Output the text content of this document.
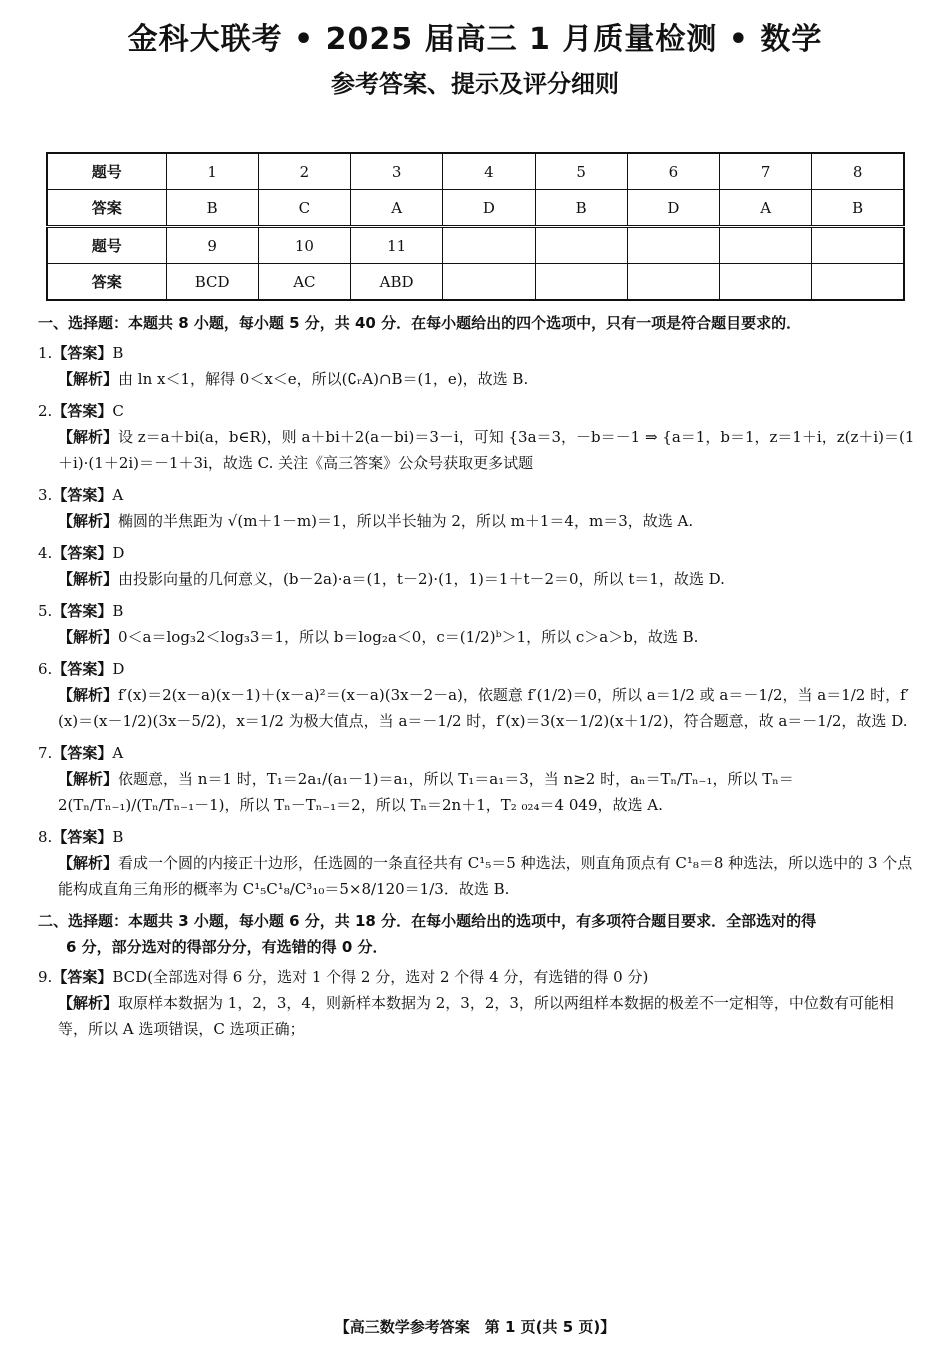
金科大联考 • 2025 届高三 1 月质量检测 • 数学
参考答案、提示及评分细则
题号	1	2	3	4	5	6	7	8
答案	B	C	A	D	B	D	A	B
题号	9	10	11					
答案	BCD	AC	ABD					
一、选择题：本题共 8 小题，每小题 5 分，共 40 分．在每小题给出的四个选项中，只有一项是符合题目要求的．
1.【答案】B
【解析】由 ln x＜1，解得 0＜x＜e，所以(∁ᵣA)∩B＝(1，e)，故选 B.
2.【答案】C
【解析】设 z＝a＋bi(a，b∈R)，则 a＋bi＋2(a－bi)＝3－i，可知 {3a＝3，－b＝－1 ⇒ {a＝1，b＝1，z＝1＋i，z(z＋i)＝(1＋i)·(1＋2i)＝－1＋3i，故选 C. 关注《高三答案》公众号获取更多试题
3.【答案】A
【解析】椭圆的半焦距为 √(m＋1－m)＝1，所以半长轴为 2，所以 m＋1＝4，m＝3，故选 A.
4.【答案】D
【解析】由投影向量的几何意义，(b－2a)·a＝(1，t－2)·(1，1)＝1＋t－2＝0，所以 t＝1，故选 D.
5.【答案】B
【解析】0＜a＝log₃2＜log₃3＝1，所以 b＝log₂a＜0，c＝(1/2)ᵇ＞1，所以 c＞a＞b，故选 B.
6.【答案】D
【解析】f′(x)＝2(x－a)(x－1)＋(x－a)²＝(x－a)(3x－2－a)，依题意 f′(1/2)＝0，所以 a＝1/2 或 a＝－1/2，当 a＝1/2 时，f′(x)＝(x－1/2)(3x－5/2)，x＝1/2 为极大值点，当 a＝－1/2 时，f′(x)＝3(x－1/2)(x＋1/2)，符合题意，故 a＝－1/2，故选 D.
7.【答案】A
【解析】依题意，当 n＝1 时，T₁＝2a₁/(a₁－1)＝a₁，所以 T₁＝a₁＝3，当 n≥2 时，aₙ＝Tₙ/Tₙ₋₁，所以 Tₙ＝2(Tₙ/Tₙ₋₁)/(Tₙ/Tₙ₋₁－1)，所以 Tₙ－Tₙ₋₁＝2，所以 Tₙ＝2n＋1，T₂ ₀₂₄＝4 049，故选 A.
8.【答案】B
【解析】看成一个圆的内接正十边形，任选圆的一条直径共有 C¹₅＝5 种选法，则直角顶点有 C¹₈＝8 种选法，所以选中的 3 个点能构成直角三角形的概率为 C¹₅C¹₈/C³₁₀＝5×8/120＝1/3．故选 B.
二、选择题：本题共 3 小题，每小题 6 分，共 18 分．在每小题给出的选项中，有多项符合题目要求．全部选对的得
6 分，部分选对的得部分分，有选错的得 0 分．
9.【答案】BCD(全部选对得 6 分，选对 1 个得 2 分，选对 2 个得 4 分，有选错的得 0 分)
【解析】取原样本数据为 1，2，3，4，则新样本数据为 2，3，2，3，所以两组样本数据的极差不一定相等，中位数有可能相等，所以 A 选项错误，C 选项正确；
【高三数学参考答案　第 1 页(共 5 页)】
